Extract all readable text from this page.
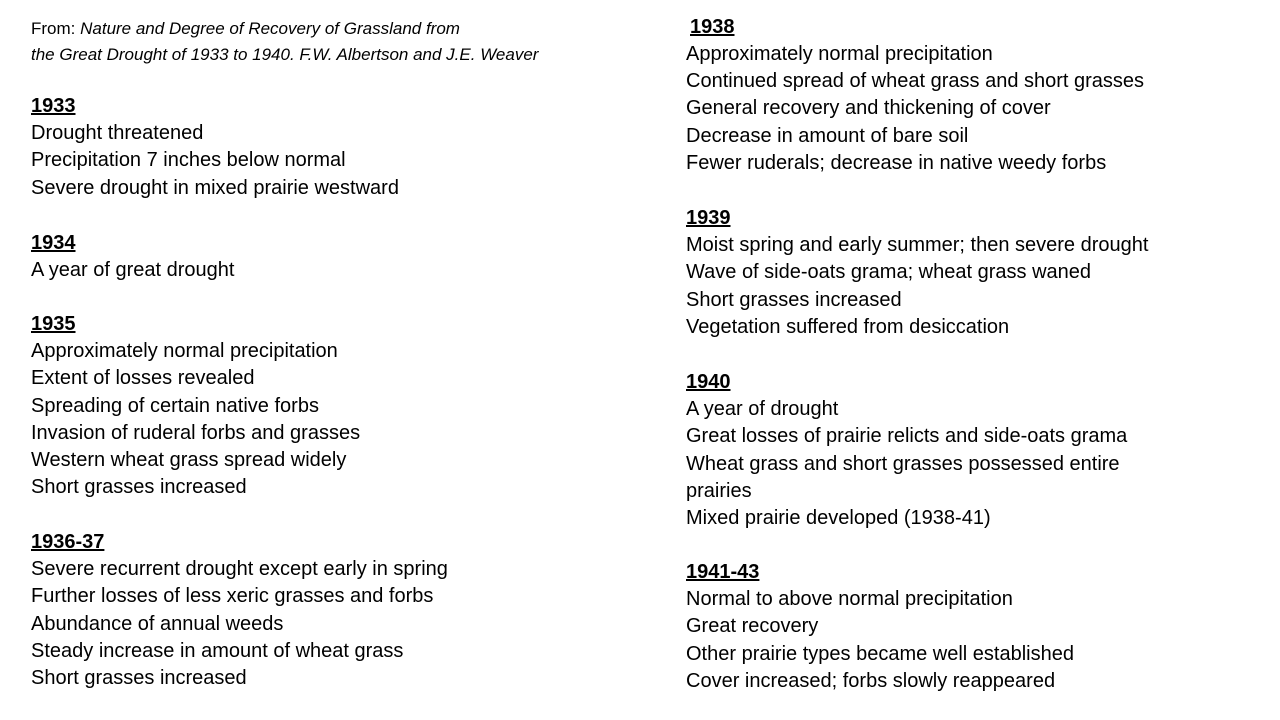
From: Nature and Degree of Recovery of Grassland from
the Great Drought of 1933 to 1940. F.W. Albertson and J.E. Weaver
1933
Drought threatened
Precipitation 7 inches below normal
Severe drought in mixed prairie westward
1934
A year of great drought
1935
Approximately normal precipitation
Extent of losses revealed
Spreading of certain native forbs
Invasion of ruderal forbs and grasses
Western wheat grass spread widely
Short grasses increased
1936-37
Severe recurrent drought except early in spring
Further losses of less xeric grasses and forbs
Abundance of annual weeds
Steady increase in amount of wheat grass
Short grasses increased
1938
Approximately normal precipitation
Continued spread of wheat grass and short grasses
General recovery and thickening of cover
Decrease in amount of bare soil
Fewer ruderals; decrease in native weedy forbs
1939
Moist spring and early summer; then severe drought
Wave of side-oats grama; wheat grass waned
Short grasses increased
Vegetation suffered from desiccation
1940
A year of drought
Great losses of prairie relicts and side-oats grama
Wheat grass and short grasses possessed entire prairies
Mixed prairie developed (1938-41)
1941-43
Normal to above normal precipitation
Great recovery
Other prairie types became well established
Cover increased; forbs slowly reappeared
